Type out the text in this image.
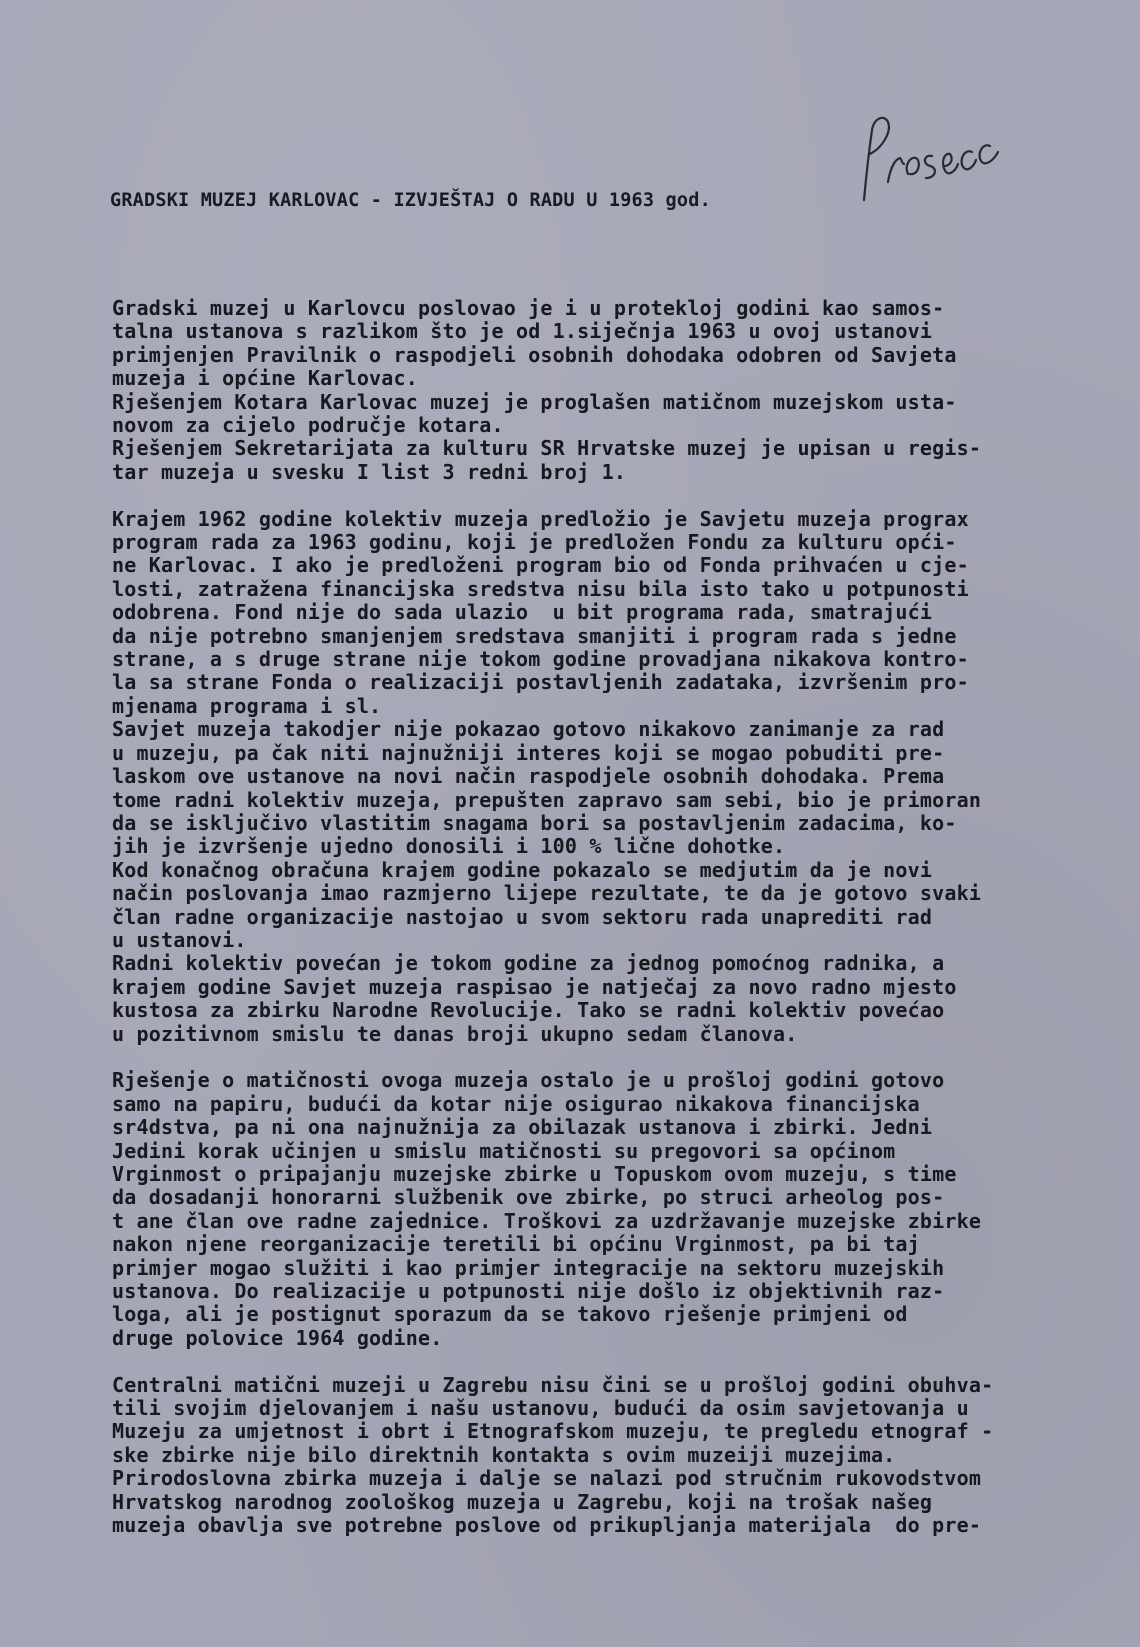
GRADSKI MUZEJ KARLOVAC - IZVJEŠTAJ O RADU U 1963 god.

Gradski muzej u Karlovcu poslovao je i u proteklој godini kao samos-
talna ustanova s razlikom što je od 1.siječnja 1963 u ovoj ustanovi
primjenjen Pravilnik o raspodjeli osobnih dohodaka odobren od Savjeta
muzeja i općine Karlovac.
Rješenjem Kotara Karlovac muzej je proglašen matičnom muzejskom usta-
novom za cijelo područje kotara.
Rješenjem Sekretarijata za kulturu SR Hrvatske muzej je upisan u regis-
tar muzeja u svesku I list 3 redni broj 1.

Krajem 1962 godine kolektiv muzeja predložio je Savjetu muzeja prograx
program rada za 1963 godinu, koji je predložen Fondu za kulturu opći-
ne Karlovac. I ako je predloženi program bio od Fonda prihvaćen u cje-
losti, zatražena financijska sredstva nisu bila isto tako u potpunosti
odobrena. Fond nije do sada ulazio  u bit programa rada, smatrajući
da nije potrebno smanjenjem sredstava smanjiti i program rada s jedne
strane, a s druge strane nije tokom godine provadjana nikakova kontro-
la sa strane Fonda o realizaciji postavljenih zadataka, izvršenim pro-
mjenama programa i sl.
Savjet muzeja takodjer nije pokazao gotovo nikakovo zanimanje za rad
u muzeju, pa čak niti najnužniji interes koji se mogao pobuditi pre-
laskom ove ustanove na novi način raspodjele osobnih dohodaka. Prema
tome radni kolektiv muzeja, prepušten zapravo sam sebi, bio je primoran
da se isključivo vlastitim snagama bori sa postavljenim zadacima, ko-
jih je izvršenje ujedno donosili i 100 % lične dohotke.
Kod konačnog obračuna krajem godine pokazalo se medjutim da je novi
način poslovanja imao razmjerno lijepe rezultate, te da je gotovo svaki
član radne organizacije nastojao u svom sektoru rada unaprediti rad
u ustanovi.
Radni kolektiv povećan je tokom godine za jednog pomoćnog radnika, a
krajem godine Savjet muzeja raspisao je natječaj za novo radno mjesto
kustosa za zbirku Narodne Revolucije. Tako se radni kolektiv povećao
u pozitivnom smislu te danas broji ukupno sedam članova.

Rješenje o matičnosti ovoga muzeja ostalo je u prošloj godini gotovo
samo na papiru, budući da kotar nije osigurao nikakova financijska
sr4dstva, pa ni ona najnužnija za obilazak ustanova i zbirki. Jedni
Jedini korak učinjen u smislu matičnosti su pregovori sa općinom
Vrginmost o pripajanju muzejske zbirke u Topuskom ovom muzeju, s time
da dosadanji honorarni službenik ove zbirke, po struci arheolog pos-
t ane član ove radne zajednice. Troškovi za uzdržavanje muzejske zbirke
nakon njene reorganizacije teretili bi općinu Vrginmost, pa bi taj
primjer mogao služiti i kao primjer integracije na sektoru muzejskih
ustanova. Do realizacije u potpunosti nije došlo iz objektivnih raz-
loga, ali je postignut sporazum da se takovo rješenje primjeni od
druge polovice 1964 godine.

Centralni matični muzeji u Zagrebu nisu čini se u prošloj godini obuhva-
tili svojim djelovanjem i našu ustanovu, budući da osim savjetovanja u
Muzeju za umjetnost i obrt i Etnografskom muzeju, te pregledu etnograf -
ske zbirke nije bilo direktnih kontakta s ovim muzeiji muzejima.
Prirodoslovna zbirka muzeja i dalje se nalazi pod stručnim rukovodstvom
Hrvatskog narodnog zoološkog muzeja u Zagrebu, koji na trošak našeg
muzeja obavlja sve potrebne poslove od prikupljanja materijala  do pre-
